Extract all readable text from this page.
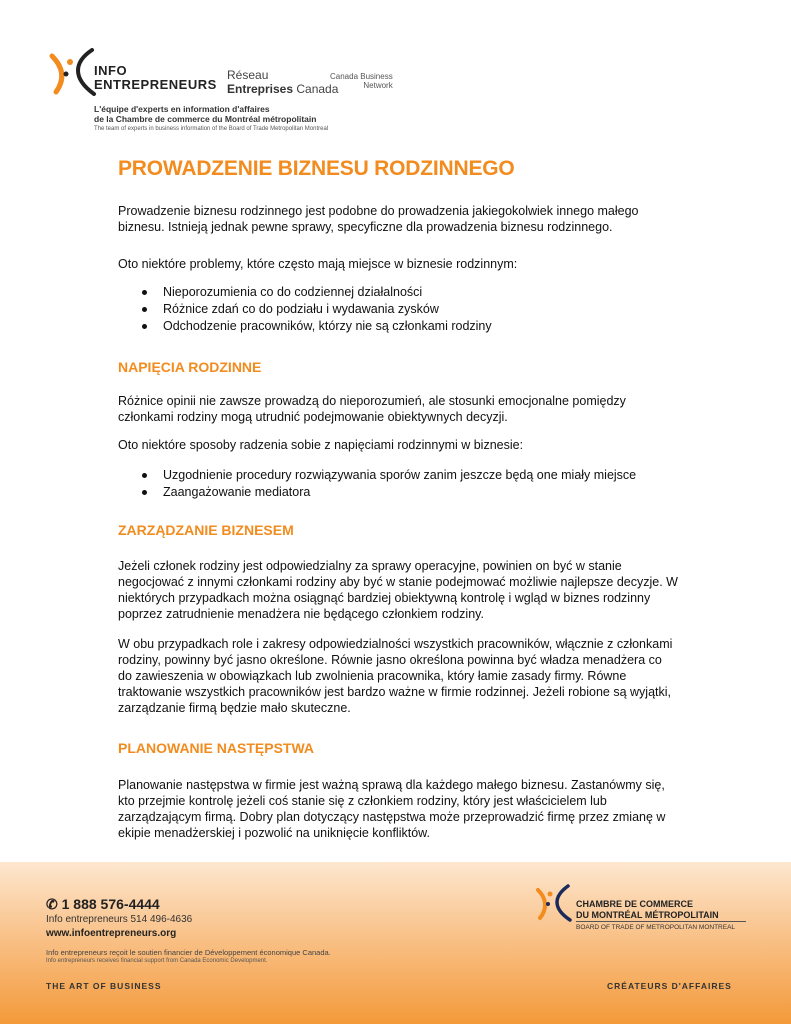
INFO
ENTREPRENEURS
Réseau
Entreprises Canada
Canada Business
Network
L'équipe d'experts en information d'affaires
de la Chambre de commerce du Montréal métropolitain
The team of experts in business information of the Board of Trade Metropolitan Montreal
PROWADZENIE BIZNESU RODZINNEGO
Prowadzenie biznesu rodzinnego jest podobne do prowadzenia jakiegokolwiek innego małego biznesu. Istnieją jednak pewne sprawy, specyficzne dla prowadzenia biznesu rodzinnego.
Oto niektóre problemy, które często mają miejsce w biznesie rodzinnym:
Nieporozumienia co do codziennej działalności
Różnice zdań co do podziału i wydawania zysków
Odchodzenie pracowników, którzy nie są członkami rodziny
NAPIĘCIA RODZINNE
Różnice opinii nie zawsze prowadzą do nieporozumień, ale stosunki emocjonalne pomiędzy członkami rodziny mogą utrudnić podejmowanie obiektywnych decyzji.
Oto niektóre sposoby radzenia sobie z napięciami rodzinnymi w biznesie:
Uzgodnienie procedury rozwiązywania sporów zanim jeszcze będą one miały miejsce
Zaangażowanie mediatora
ZARZĄDZANIE BIZNESEM
Jeżeli członek rodziny jest odpowiedzialny za sprawy operacyjne, powinien on być w stanie negocjować z innymi członkami rodziny aby być w stanie podejmować możliwie najlepsze decyzje. W niektórych przypadkach można osiągnąć bardziej obiektywną kontrolę i wgląd w biznes rodzinny poprzez zatrudnienie menadżera nie będącego członkiem rodziny.
W obu przypadkach role i zakresy odpowiedzialności wszystkich pracowników, włącznie z członkami rodziny, powinny być jasno określone. Równie jasno określona powinna być władza menadżera co do zawieszenia w obowiązkach lub zwolnienia pracownika, który łamie zasady firmy. Równe traktowanie wszystkich pracowników jest bardzo ważne w firmie rodzinnej. Jeżeli robione są wyjątki, zarządzanie firmą będzie mało skuteczne.
PLANOWANIE NASTĘPSTWA
Planowanie następstwa w firmie jest ważną sprawą dla każdego małego biznesu. Zastanówmy się, kto przejmie kontrolę jeżeli coś stanie się z członkiem rodziny, który jest właścicielem lub zarządzającym firmą. Dobry plan dotyczący następstwa może przeprowadzić firmę przez zmianę w ekipie menadżerskiej i pozwolić na uniknięcie konfliktów.
✆ 1 888 576-4444
Info entrepreneurs 514 496-4636
www.infoentrepreneurs.org
Info entrepreneurs reçoit le soutien financier de Développement économique Canada.
Info entrepreneurs receives financial support from Canada Economic Development.
CHAMBRE DE COMMERCE
DU MONTRÉAL MÉTROPOLITAIN
BOARD OF TRADE OF METROPOLITAN MONTREAL
THE ART OF BUSINESS	CRÉATEURS D'AFFAIRES
